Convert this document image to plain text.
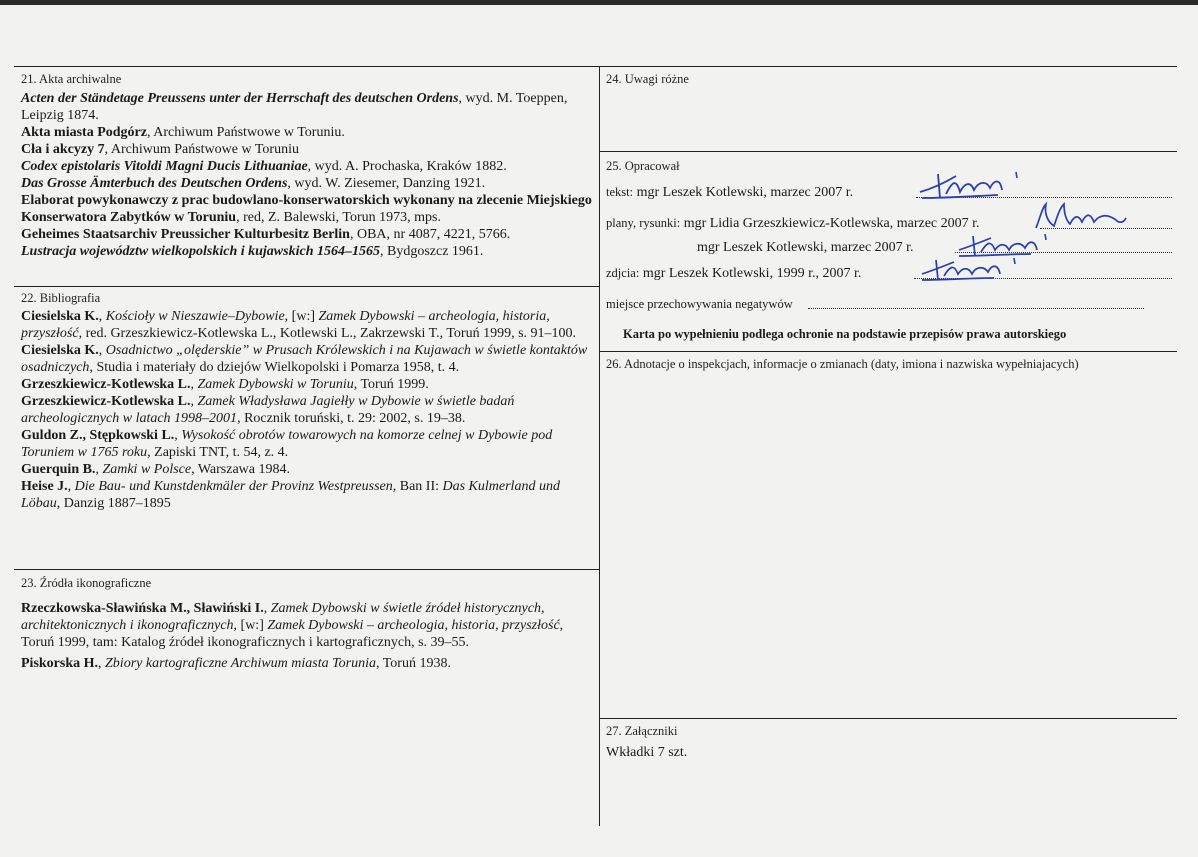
21. Akta archiwalne

Acten der Ständetage Preussens unter der Herrschaft des deutschen Ordens, wyd. M. Toeppen, Leipzig 1874.

Akta miasta Podgórz, Archiwum Państwowe w Toruniu.

Cła i akcyzy 7, Archiwum Państwowe w Toruniu

Codex epistolaris Vitoldi Magni Ducis Lithuaniae, wyd. A. Prochaska, Kraków 1882.

Das Grosse Ämterbuch des Deutschen Ordens, wyd. W. Ziesemer, Danzing 1921.

Elaborat powykonawczy z prac budowlano-konserwatorskich wykonany na zlecenie Miejskiego Konserwatora Zabytków w Toruniu, red, Z. Balewski, Torun 1973, mps.

Geheimes Staatsarchiv Preussicher Kulturbesitz Berlin, OBA, nr 4087, 4221, 5766.

Lustracja województw wielkopolskich i kujawskich 1564–1565, Bydgoszcz 1961.

22. Bibliografia

Ciesielska K., Kościoły w Nieszawie–Dybowie, [w:] Zamek Dybowski – archeologia, historia, przyszłość, red. Grzeszkiewicz-Kotlewska L., Kotlewski L., Zakrzewski T., Toruń 1999, s. 91–100.

Ciesielska K., Osadnictwo „olęderskie” w Prusach Królewskich i na Kujawach w świetle kontaktów osadniczych, Studia i materiały do dziejów Wielkopolski i Pomarza 1958, t. 4.

Grzeszkiewicz-Kotlewska L., Zamek Dybowski w Toruniu, Toruń 1999.

Grzeszkiewicz-Kotlewska L., Zamek Władysława Jagiełły w Dybowie w świetle badań archeologicznych w latach 1998–2001, Rocznik toruński, t. 29: 2002, s. 19–38.

Guldon Z., Stępkowski L., Wysokość obrotów towarowych na komorze celnej w Dybowie pod Toruniem w 1765 roku, Zapiski TNT, t. 54, z. 4.

Guerquin B., Zamki w Polsce, Warszawa 1984.

Heise J., Die Bau- und Kunstdenkmäler der Provinz Westpreussen, Ban II: Das Kulmerland und Löbau, Danzig 1887–1895

23. Źródła ikonograficzne

Rzeczkowska-Sławińska M., Sławiński I., Zamek Dybowski w świetle źródeł historycznych, architektonicznych i ikonograficznych, [w:] Zamek Dybowski – archeologia, historia, przyszłość, Toruń 1999, tam: Katalog źródeł ikonograficznych i kartograficznych, s. 39–55.

Piskorska H., Zbiory kartograficzne Archiwum miasta Torunia, Toruń 1938.

24. Uwagi różne
25. Opracował
tekst: mgr Leszek Kotlewski, marzec 2007 r.
plany, rysunki: mgr Lidia Grzeszkiewicz-Kotlewska, marzec 2007 r.
mgr Leszek Kotlewski, marzec 2007 r.
zdjcia: mgr Leszek Kotlewski, 1999 r., 2007 r.
miejsce przechowywania negatywów
Karta po wypełnieniu podlega ochronie na podstawie przepisów prawa autorskiego
26. Adnotacje o inspekcjach, informacje o zmianach (daty, imiona i nazwiska wypełniajacych)
27. Załączniki
Wkładki 7 szt.
